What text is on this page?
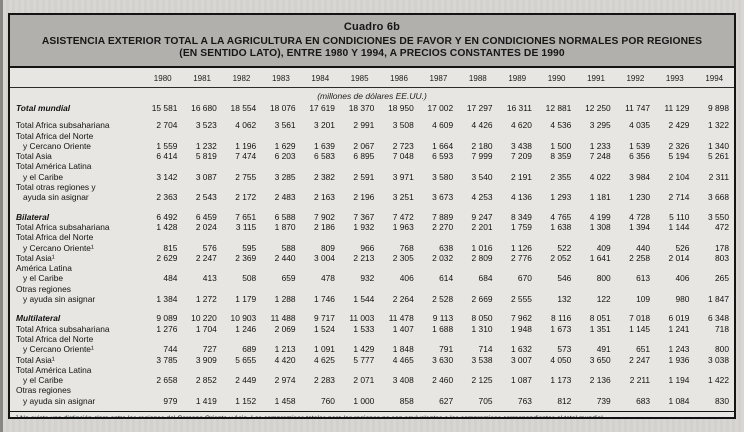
Cuadro 6b
ASISTENCIA EXTERIOR TOTAL A LA AGRICULTURA EN CONDICIONES DE FAVOR Y EN CONDICIONES NORMALES POR REGIONES
(EN SENTIDO LATO), ENTRE 1980 Y 1994, A PRECIOS CONSTANTES DE 1990
	1980	1981	1982	1983	1984	1985	1986	1987	1988	1989	1990	1991	1992	1993	1994
(millones de dólares EE.UU.)															

Total mundial	15 581	16 680	18 554	18 076	17 619	18 370	18 950	17 002	17 297	16 311	12 881	12 250	11 747	11 129	9 898

Total Africa subsahariana	2 704	3 523	4 062	3 561	3 201	2 991	3 508	4 609	4 426	4 620	4 536	3 295	4 035	2 429	1 322

Total Africa del Norte
y Cercano Oriente	1 559	1 232	1 196	1 629	1 639	2 067	2 723	1 664	2 180	3 438	1 500	1 233	1 539	2 326	1 340

Total Asia	6 414	5 819	7 474	6 203	6 583	6 895	7 048	6 593	7 999	7 209	8 359	7 248	6 356	5 194	5 261

Total América Latina
y el Caribe	3 142	3 087	2 755	3 285	2 382	2 591	3 971	3 580	3 540	2 191	2 355	4 022	3 984	2 104	2 311

Total otras regiones y
ayuda sin asignar	2 363	2 543	2 172	2 483	2 163	2 196	3 251	3 673	4 253	4 136	1 293	1 181	1 230	2 714	3 668

Bilateral	6 492	6 459	7 651	6 588	7 902	7 367	7 472	7 889	9 247	8 349	4 765	4 199	4 728	5 110	3 550

Total Africa subsahariana	1 428	2 024	3 115	1 870	2 186	1 932	1 963	2 270	2 201	1 759	1 638	1 308	1 394	1 144	472

Total Africa del Norte
y Cercano Oriente¹	815	576	595	588	809	966	768	638	1 016	1 126	522	409	440	526	178

Total Asia¹	2 629	2 247	2 369	2 440	3 004	2 213	2 305	2 032	2 809	2 776	2 052	1 641	2 258	2 014	803

América Latina
y el Caribe	484	413	508	659	478	932	406	614	684	670	546	800	613	406	265

Otras regiones
y ayuda sin asignar	1 384	1 272	1 179	1 288	1 746	1 544	2 264	2 528	2 669	2 555	132	122	109	980	1 847

Multilateral	9 089	10 220	10 903	11 488	9 717	11 003	11 478	9 113	8 050	7 962	8 116	8 051	7 018	6 019	6 348

Total Africa subsahariana	1 276	1 704	1 246	2 069	1 524	1 533	1 407	1 688	1 310	1 948	1 673	1 351	1 145	1 241	718

Total Africa del Norte
y Cercano Oriente¹	744	727	689	1 213	1 091	1 429	1 848	791	714	1 632	573	491	651	1 243	800

Total Asia¹	3 785	3 909	5 655	4 420	4 625	5 777	4 465	3 630	3 538	3 007	4 050	3 650	2 247	1 936	3 038

Total América Latina
y el Caribe	2 658	2 852	2 449	2 974	2 283	2 071	3 408	2 460	2 125	1 087	1 173	2 136	2 211	1 194	1 422

Otras regiones
y ayuda sin asignar	979	1 419	1 152	1 458	760	1 000	858	627	705	763	812	739	683	1 084	830
¹ No existe una distinción clara entre las regiones del Cercano Oriente y Asia. Los compromisos totales para las regiones no son equivalentes a los compromisos correspondientes al total mundial.
